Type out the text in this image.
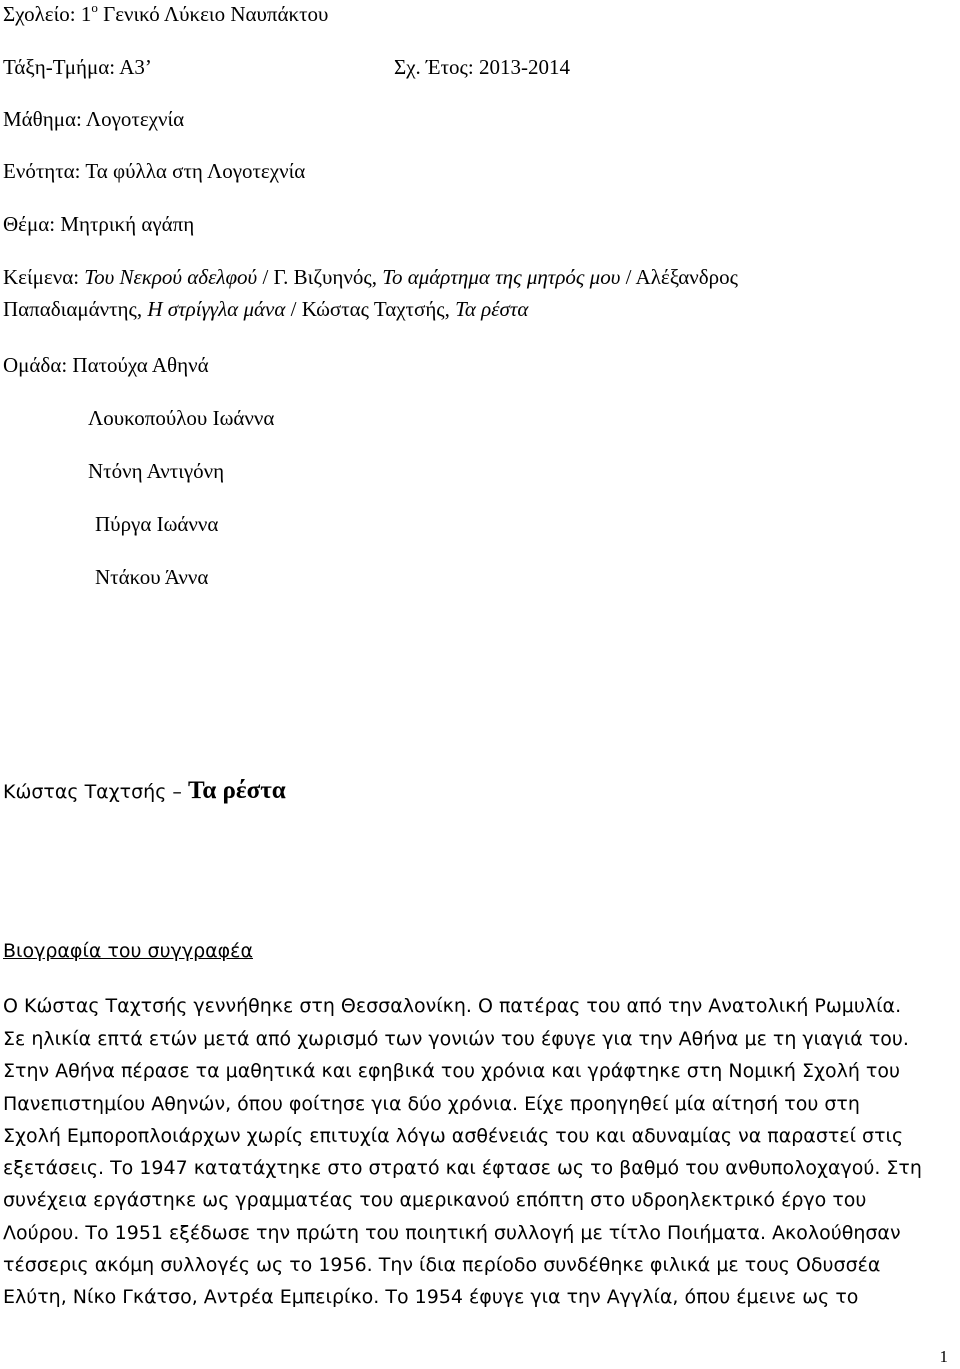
Σχολείο: $1^o$ Γενικό Λύκειο Ναυπάκτου
Τάξη-Τμήμα: Α3’	Σχ. Έτος: 2013-2014
Μάθημα: Λογοτεχνία
Ενότητα: Τα φύλλα στη Λογοτεχνία
Θέμα: Μητρική αγάπη
Κείμενα: Του Νεκρού αδελφού / Γ. Βιζυηνός, Το αμάρτημα της μητρός μου / Αλέξανδρος
Παπαδιαμάντης, Η στρίγγλα μάνα / Κώστας Ταχτσής, Τα ρέστα
Ομάδα: Πατούχα Αθηνά
Λουκοπούλου Ιωάννα
Ντόνη Αντιγόνη
Πύργα Ιωάννα
Ντάκου Άννα
Κώστας Ταχτσής – Τα ρέστα
Βιογραφία του συγγραφέα
Ο Κώστας Ταχτσής γεννήθηκε στη Θεσσαλονίκη. Ο πατέρας του από την Ανατολική Ρωμυλία.
Σε ηλικία επτά ετών μετά από χωρισμό των γονιών του έφυγε για την Αθήνα με τη γιαγιά του.
Στην Αθήνα πέρασε τα μαθητικά και εφηβικά του χρόνια και γράφτηκε στη Νομική Σχολή του
Πανεπιστημίου Αθηνών, όπου φοίτησε για δύο χρόνια. Είχε προηγηθεί μία αίτησή του στη
Σχολή Εμποροπλοιάρχων χωρίς επιτυχία λόγω ασθένειάς του και αδυναμίας να παραστεί στις
εξετάσεις. Το 1947 κατατάχτηκε στο στρατό και έφτασε ως το βαθμό του ανθυπολοχαγού. Στη
συνέχεια εργάστηκε ως γραμματέας του αμερικανού επόπτη στο υδροηλεκτρικό έργο του
Λούρου. Το 1951 εξέδωσε την πρώτη του ποιητική συλλογή με τίτλο Ποιήματα. Ακολούθησαν
τέσσερις ακόμη συλλογές ως το 1956. Την ίδια περίοδο συνδέθηκε φιλικά με τους Οδυσσέα
Ελύτη, Νίκο Γκάτσο, Αντρέα Εμπειρίκο. Το 1954 έφυγε για την Αγγλία, όπου έμεινε ως το
1
